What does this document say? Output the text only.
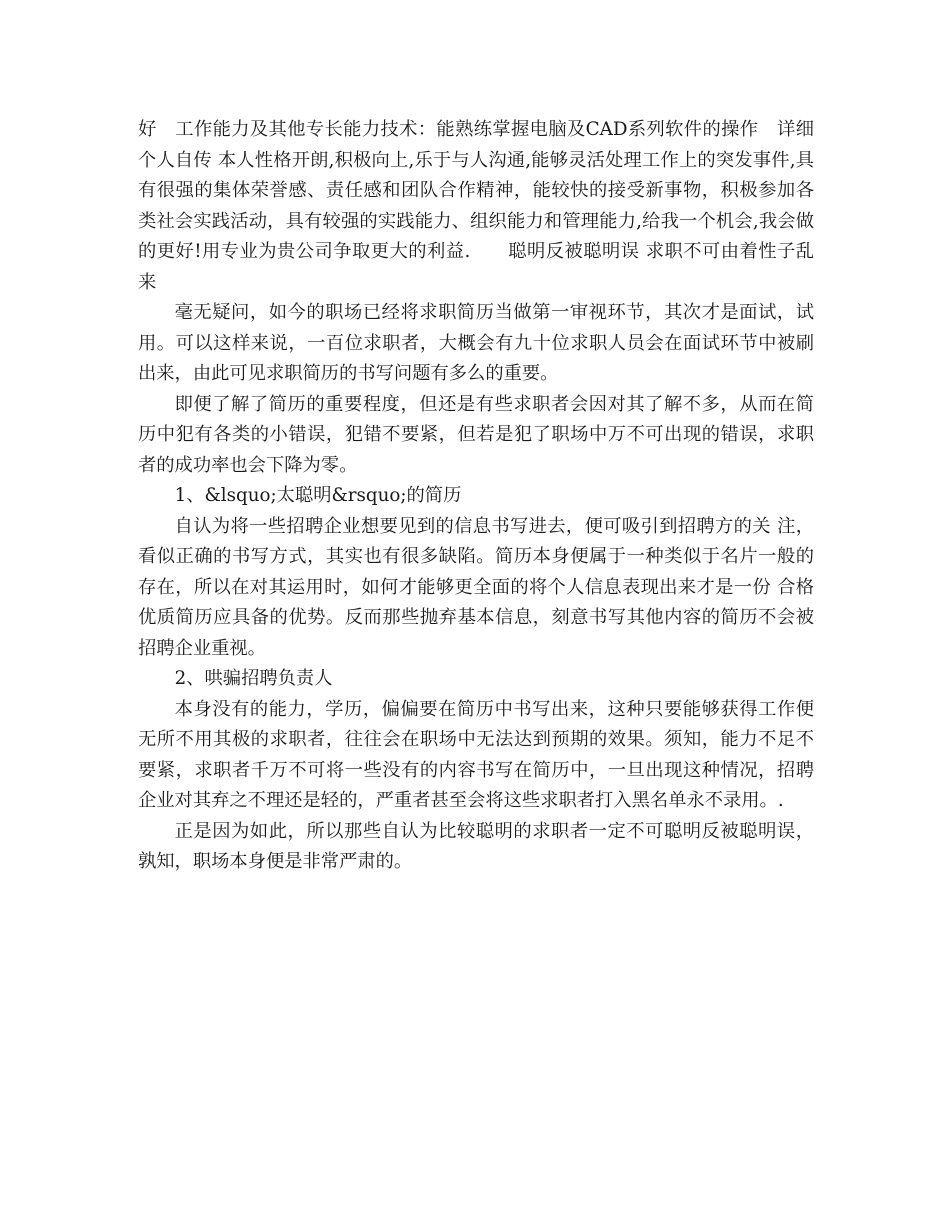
好　工作能力及其他专长能力技术：能熟练掌握电脑及CAD系列软件的操作　详细个人自传 本人性格开朗,积极向上,乐于与人沟通,能够灵活处理工作上的突发事件,具有很强的集体荣誉感、责任感和团队合作精神，能较快的接受新事物，积极参加各类社会实践活动，具有较强的实践能力、组织能力和管理能力,给我一个机会,我会做的更好!用专业为贵公司争取更大的利益.　　聪明反被聪明误 求职不可由着性子乱来

毫无疑问，如今的职场已经将求职简历当做第一审视环节，其次才是面试，试用。可以这样来说，一百位求职者，大概会有九十位求职人员会在面试环节中被刷出来，由此可见求职简历的书写问题有多么的重要。

即便了解了简历的重要程度，但还是有些求职者会因对其了解不多，从而在简历中犯有各类的小错误，犯错不要紧，但若是犯了职场中万不可出现的错误，求职者的成功率也会下降为零。

1、&lsquo;太聪明&rsquo;的简历

自认为将一些招聘企业想要见到的信息书写进去，便可吸引到招聘方的关 注，看似正确的书写方式，其实也有很多缺陷。简历本身便属于一种类似于名片一般的存在，所以在对其运用时，如何才能够更全面的将个人信息表现出来才是一份 合格优质简历应具备的优势。反而那些抛弃基本信息，刻意书写其他内容的简历不会被招聘企业重视。

2、哄骗招聘负责人

本身没有的能力，学历，偏偏要在简历中书写出来，这种只要能够获得工作便无所不用其极的求职者，往往会在职场中无法达到预期的效果。须知，能力不足不要紧，求职者千万不可将一些没有的内容书写在简历中，一旦出现这种情况，招聘企业对其弃之不理还是轻的，严重者甚至会将这些求职者打入黑名单永不录用。.

正是因为如此，所以那些自认为比较聪明的求职者一定不可聪明反被聪明误，孰知，职场本身便是非常严肃的。
